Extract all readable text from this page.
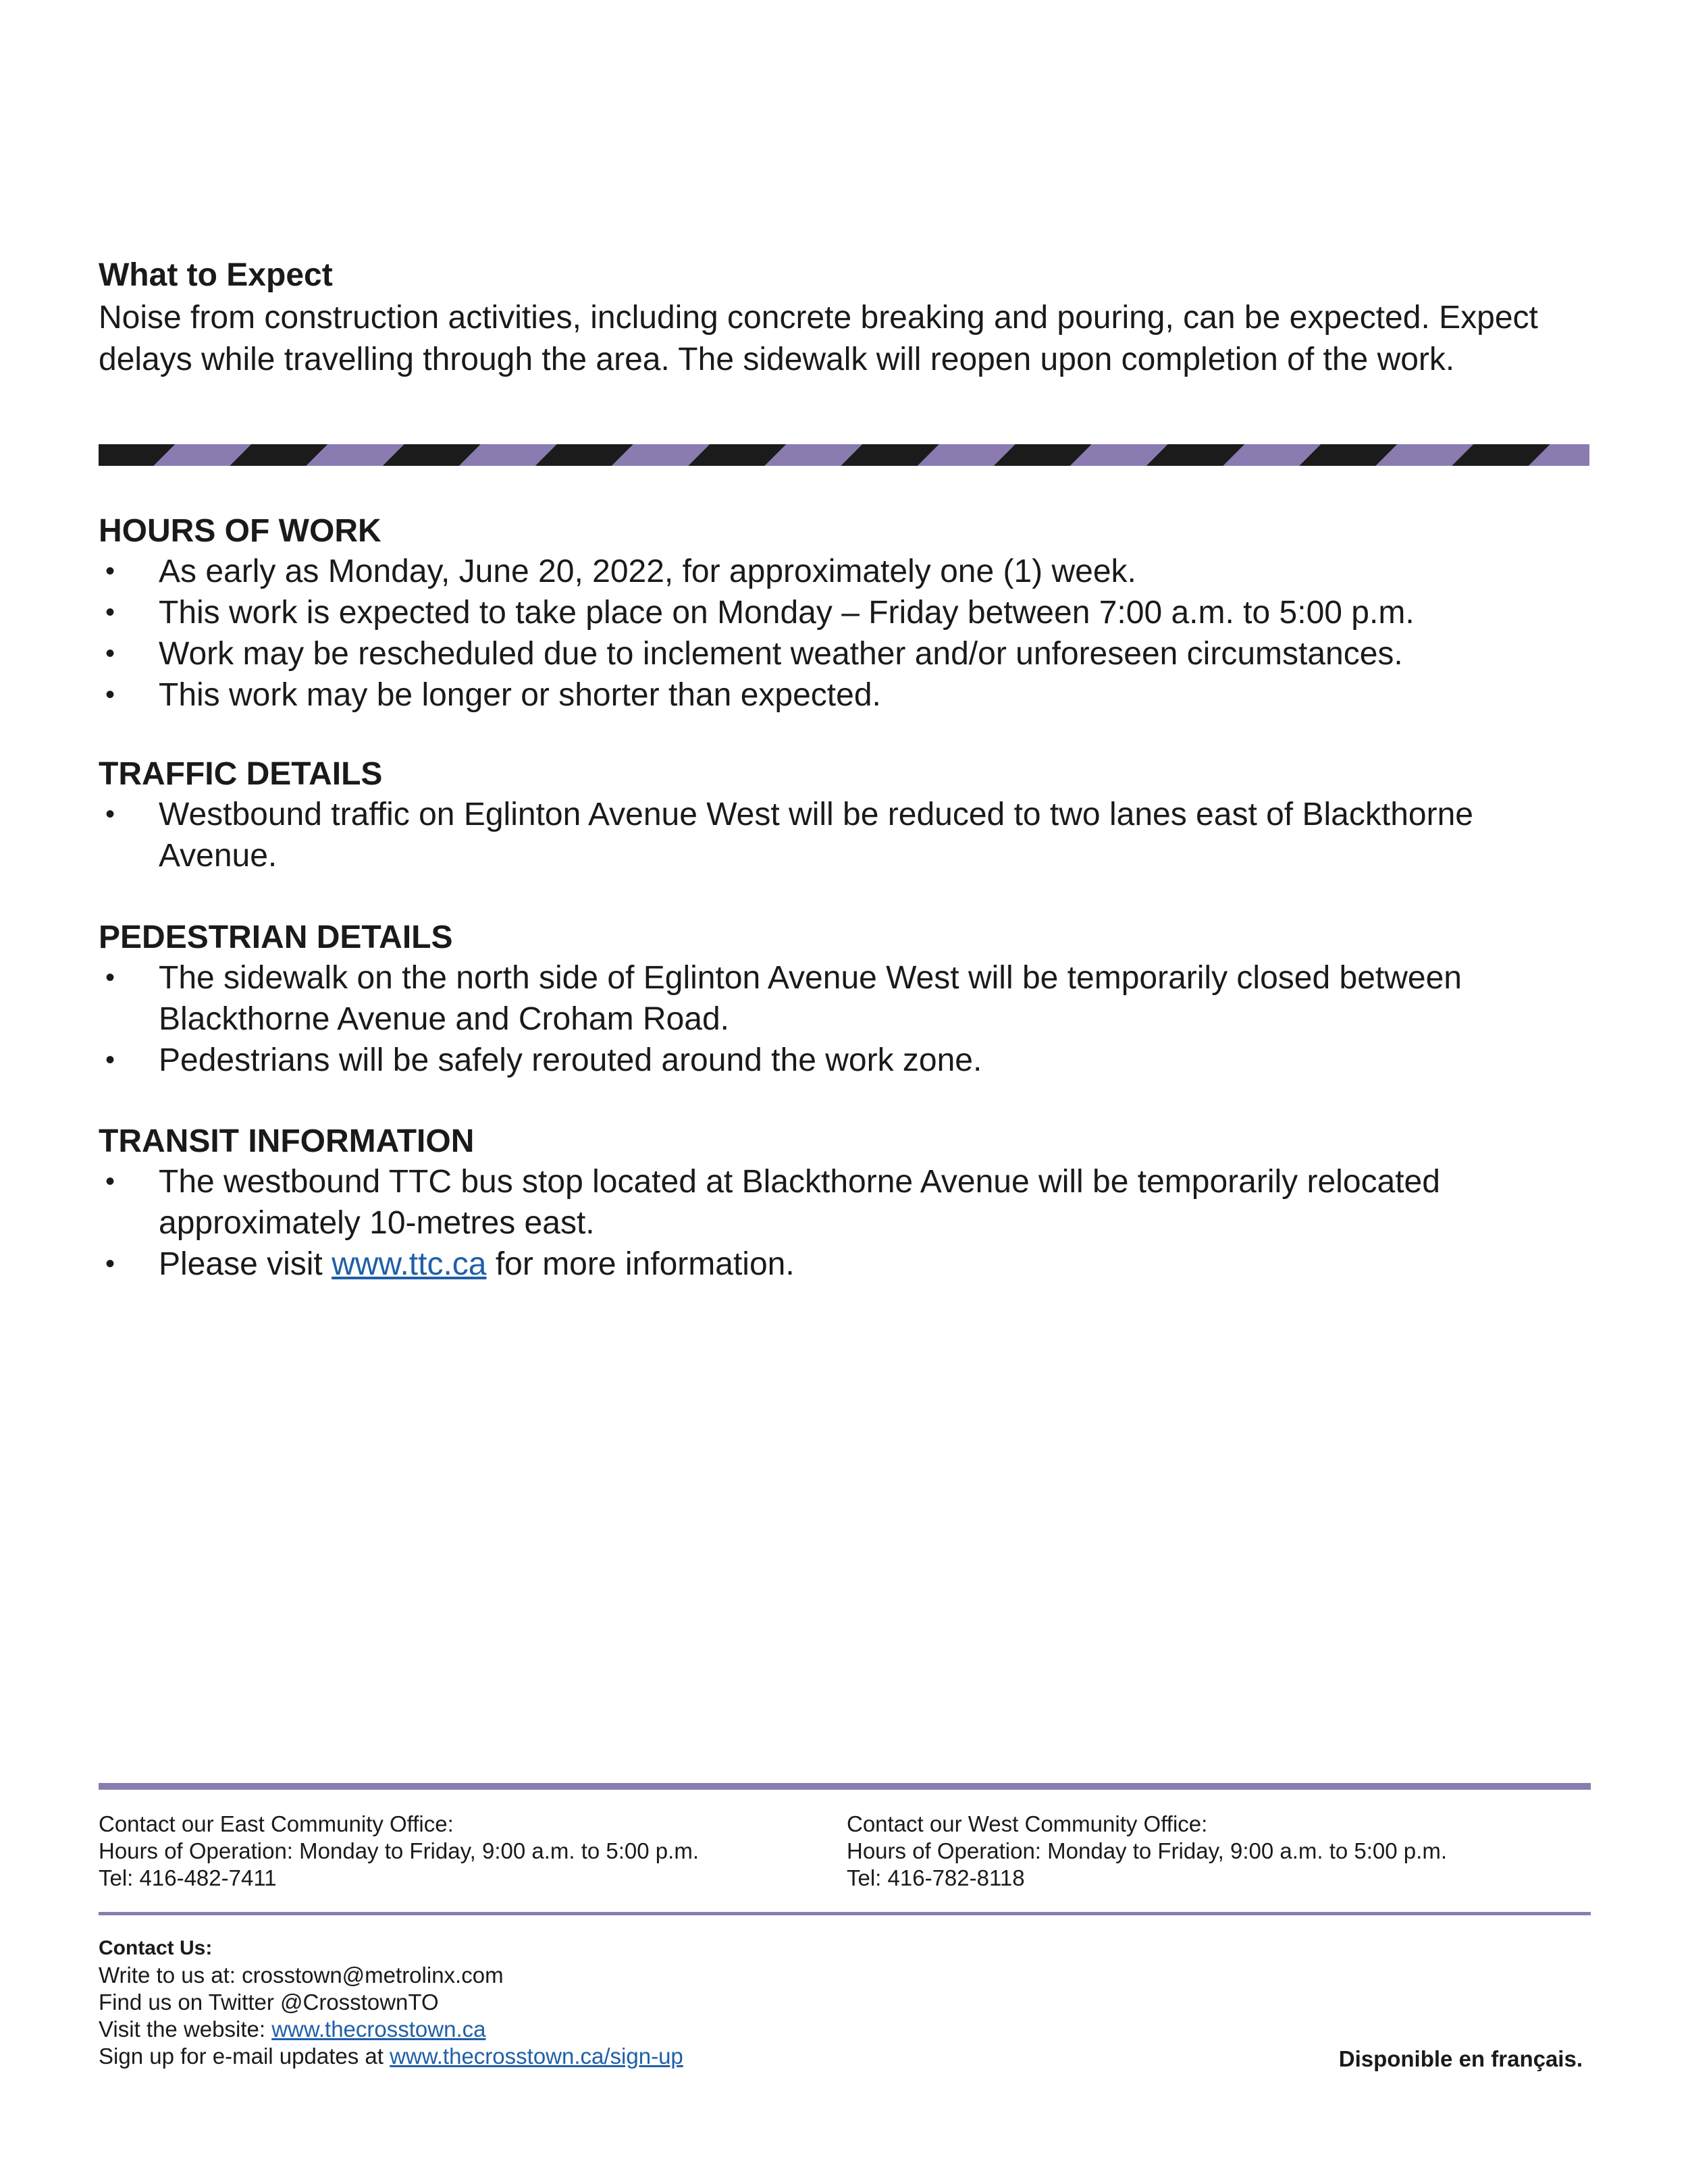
What to Expect
Noise from construction activities, including concrete breaking and pouring, can be expected. Expect delays while travelling through the area. The sidewalk will reopen upon completion of the work.
HOURS OF WORK
• As early as Monday, June 20, 2022, for approximately one (1) week.
• This work is expected to take place on Monday – Friday between 7:00 a.m. to 5:00 p.m.
• Work may be rescheduled due to inclement weather and/or unforeseen circumstances.
• This work may be longer or shorter than expected.
TRAFFIC DETAILS
• Westbound traffic on Eglinton Avenue West will be reduced to two lanes east of Blackthorne Avenue.
PEDESTRIAN DETAILS
• The sidewalk on the north side of Eglinton Avenue West will be temporarily closed between Blackthorne Avenue and Croham Road.
• Pedestrians will be safely rerouted around the work zone.
TRANSIT INFORMATION
• The westbound TTC bus stop located at Blackthorne Avenue will be temporarily relocated approximately 10-metres east.
• Please visit www.ttc.ca for more information.
Contact our East Community Office:
Hours of Operation: Monday to Friday, 9:00 a.m. to 5:00 p.m.
Tel: 416-482-7411
Contact our West Community Office:
Hours of Operation: Monday to Friday, 9:00 a.m. to 5:00 p.m.
Tel: 416-782-8118
Contact Us:
Write to us at: crosstown@metrolinx.com
Find us on Twitter @CrosstownTO
Visit the website: www.thecrosstown.ca
Sign up for e-mail updates at www.thecrosstown.ca/sign-up	Disponible en français.
